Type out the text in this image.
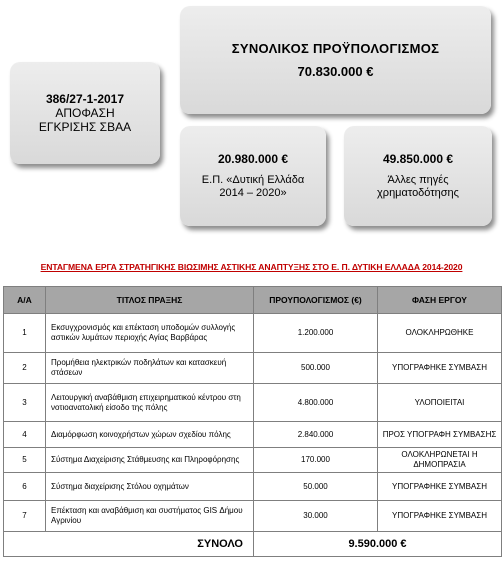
ΣΥΝΟΛΙΚΟΣ ΠΡΟΫΠΟΛΟΓΙΣΜΟΣ
70.830.000 €
386/27-1-2017
ΑΠΟΦΑΣΗ
ΕΓΚΡΙΣΗΣ ΣΒΑΑ
20.980.000 €
Ε.Π. «Δυτική Ελλάδα
2014 – 2020»
49.850.000 €
Άλλες πηγές
χρηματοδότησης
ΕΝΤΑΓΜΕΝΑ ΕΡΓΑ ΣΤΡΑΤΗΓΙΚΗΣ ΒΙΩΣΙΜΗΣ ΑΣΤΙΚΗΣ ΑΝΑΠΤΥΞΗΣ ΣΤΟ Ε. Π. ΔΥΤΙΚΗ ΕΛΛΑΔΑ 2014-2020
Α/Α	ΤΙΤΛΟΣ ΠΡΑΞΗΣ	ΠΡΟΥΠΟΛΟΓΙΣΜΟΣ (€)	ΦΑΣΗ ΕΡΓΟΥ
1	Εκσυγχρονισμός και επέκταση υποδομών συλλογής αστικών λυμάτων περιοχής Αγίας Βαρβάρας	1.200.000	ΟΛΟΚΛΗΡΩΘΗΚΕ
2	Προμήθεια ηλεκτρικών ποδηλάτων και κατασκευή στάσεων	500.000	ΥΠΟΓΡΑΦΗΚΕ ΣΥΜΒΑΣΗ
3	Λειτουργική αναβάθμιση επιχειρηματικού κέντρου στη νοτιοανατολική είσοδο της πόλης	4.800.000	ΥΛΟΠΟΙΕΙΤΑΙ
4	Διαμόρφωση κοινοχρήστων χώρων σχεδίου πόλης	2.840.000	ΠΡΟΣ ΥΠΟΓΡΑΦΗ ΣΥΜΒΑΣΗΣ
5	Σύστημα Διαχείρισης Στάθμευσης και Πληροφόρησης	170.000	ΟΛΟΚΛΗΡΩΝΕΤΑΙ Η ΔΗΜΟΠΡΑΣΙΑ
6	Σύστημα διαχείρισης Στόλου οχημάτων	50.000	ΥΠΟΓΡΑΦΗΚΕ ΣΥΜΒΑΣΗ
7	Επέκταση και αναβάθμιση και συστήματος GIS Δήμου Αγρινίου	30.000	ΥΠΟΓΡΑΦΗΚΕ ΣΥΜΒΑΣΗ
ΣΥΝΟΛΟ		9.590.000 €	
